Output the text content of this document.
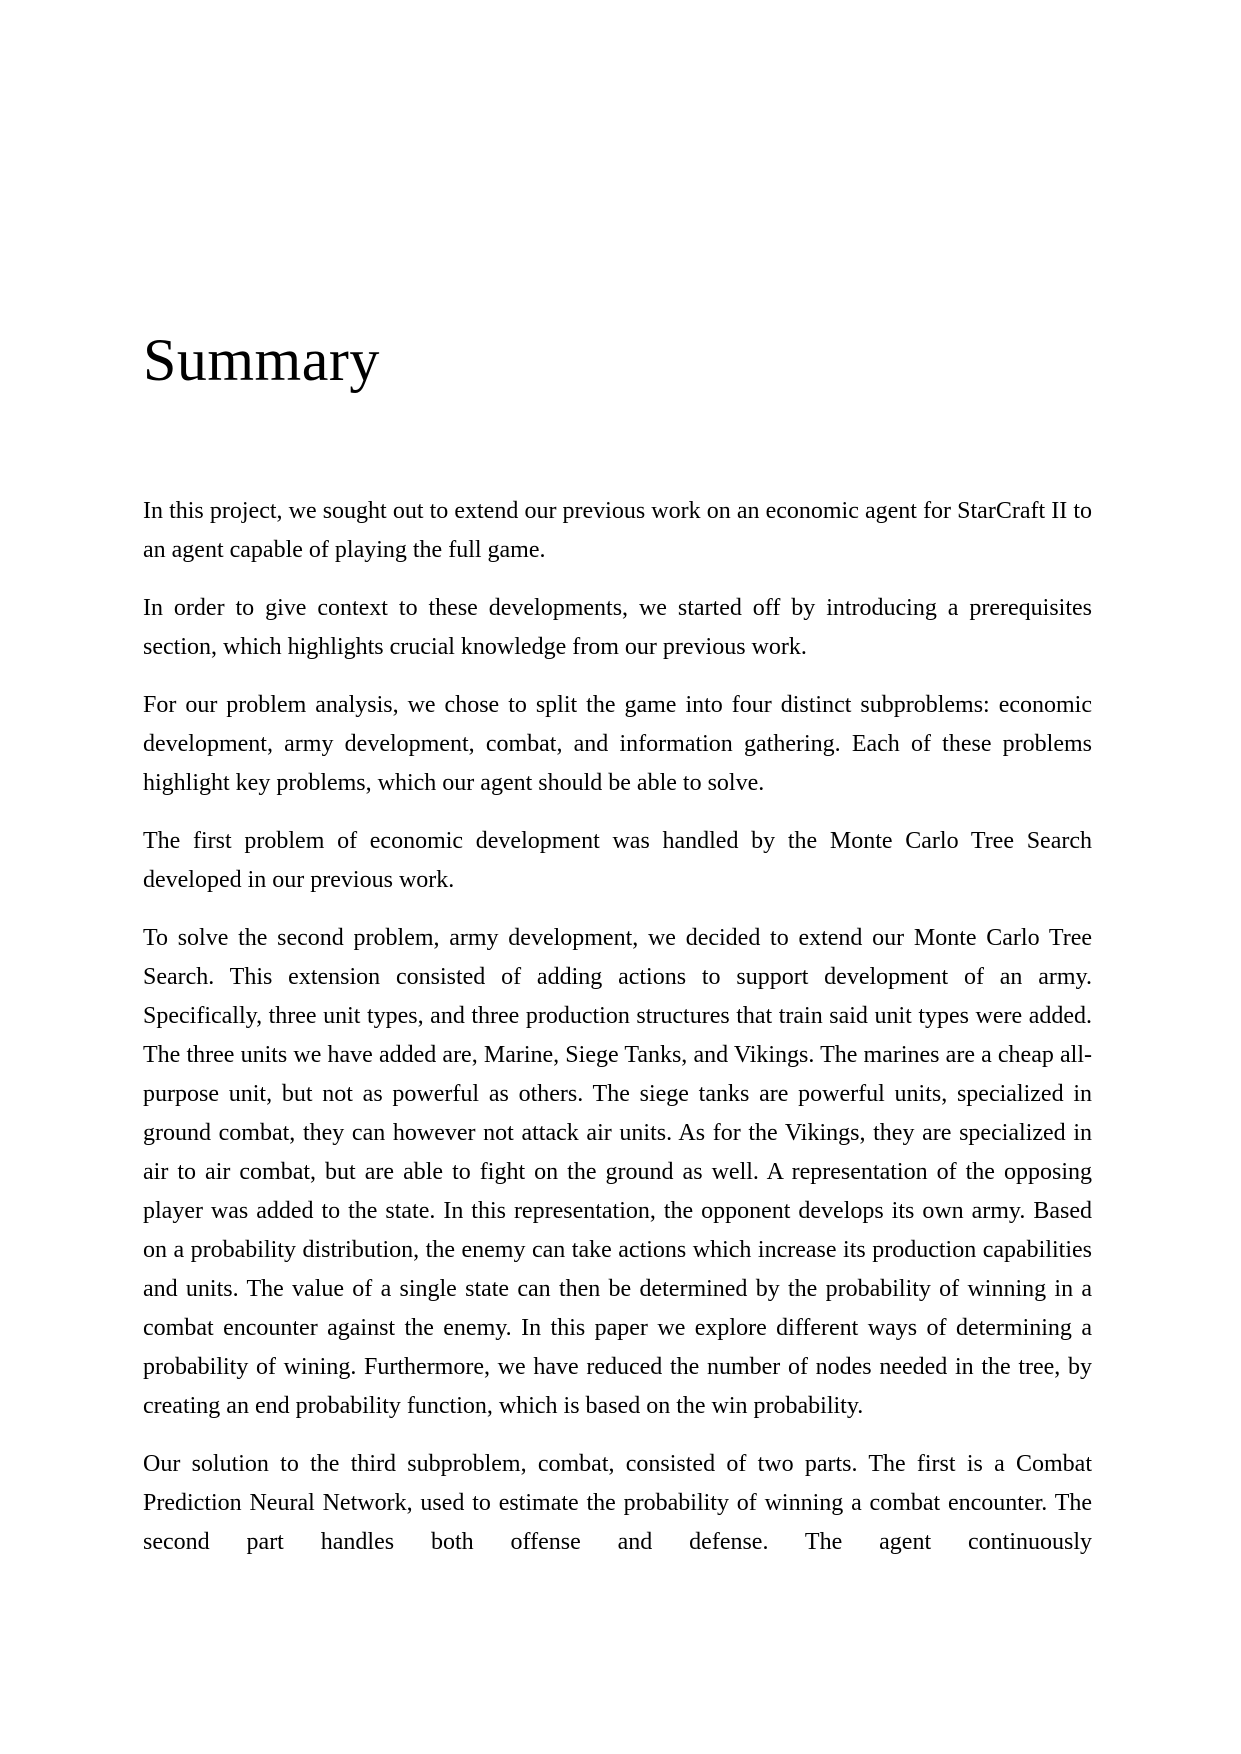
Summary

In this project, we sought out to extend our previous work on an economic agent for StarCraft II to an agent capable of playing the full game.

In order to give context to these developments, we started off by introducing a prerequisites section, which highlights crucial knowledge from our previous work.

For our problem analysis, we chose to split the game into four distinct subproblems: economic development, army development, combat, and information gathering. Each of these problems highlight key problems, which our agent should be able to solve.

The first problem of economic development was handled by the Monte Carlo Tree Search developed in our previous work.

To solve the second problem, army development, we decided to extend our Monte Carlo Tree Search. This extension consisted of adding actions to support development of an army. Specifically, three unit types, and three production structures that train said unit types were added. The three units we have added are, Marine, Siege Tanks, and Vikings. The marines are a cheap all-purpose unit, but not as powerful as others. The siege tanks are powerful units, specialized in ground combat, they can however not attack air units. As for the Vikings, they are specialized in air to air combat, but are able to fight on the ground as well. A representation of the opposing player was added to the state. In this representation, the opponent develops its own army. Based on a probability distribution, the enemy can take actions which increase its production capabilities and units. The value of a single state can then be determined by the probability of winning in a combat encounter against the enemy. In this paper we explore different ways of determining a probability of wining. Furthermore, we have reduced the number of nodes needed in the tree, by creating an end probability function, which is based on the win probability.

Our solution to the third subproblem, combat, consisted of two parts. The first is a Combat Prediction Neural Network, used to estimate the probability of winning a combat encounter. The second part handles both offense and defense. The agent continuously
